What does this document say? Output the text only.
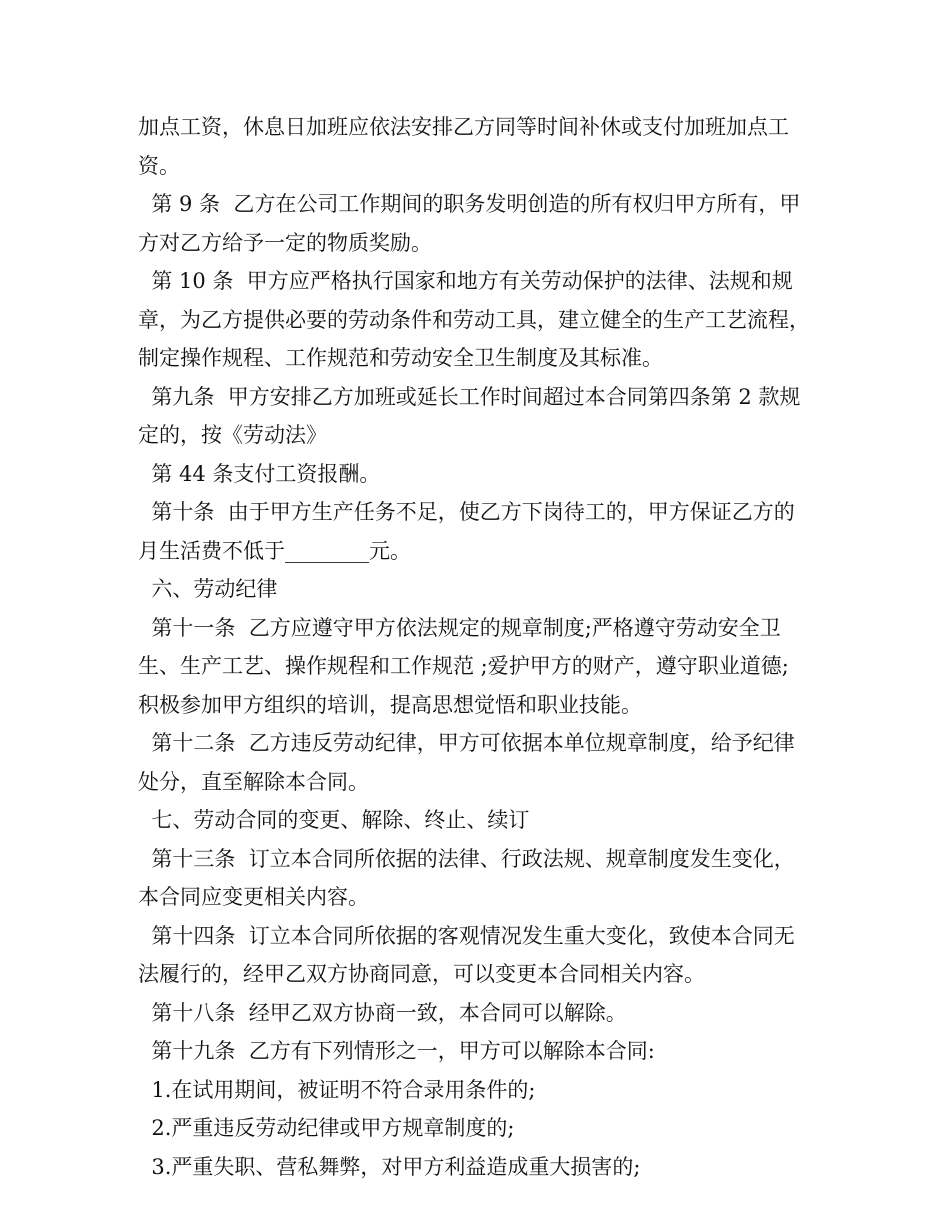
加点工资，休息日加班应依法安排乙方同等时间补休或支付加班加点工
资。
第 9 条  乙方在公司工作期间的职务发明创造的所有权归甲方所有，甲
方对乙方给予一定的物质奖励。
第 10 条  甲方应严格执行国家和地方有关劳动保护的法律、法规和规
章，为乙方提供必要的劳动条件和劳动工具，建立健全的生产工艺流程，
制定操作规程、工作规范和劳动安全卫生制度及其标准。
第九条  甲方安排乙方加班或延长工作时间超过本合同第四条第 2 款规
定的，按《劳动法》
第 44 条支付工资报酬。
第十条  由于甲方生产任务不足，使乙方下岗待工的，甲方保证乙方的
月生活费不低于________元。
六、劳动纪律
第十一条  乙方应遵守甲方依法规定的规章制度;严格遵守劳动安全卫
生、生产工艺、操作规程和工作规范 ;爱护甲方的财产，遵守职业道德;
积极参加甲方组织的培训，提高思想觉悟和职业技能。
第十二条  乙方违反劳动纪律，甲方可依据本单位规章制度，给予纪律
处分，直至解除本合同。
七、劳动合同的变更、解除、终止、续订
第十三条  订立本合同所依据的法律、行政法规、规章制度发生变化，
本合同应变更相关内容。
第十四条  订立本合同所依据的客观情况发生重大变化，致使本合同无
法履行的，经甲乙双方协商同意，可以变更本合同相关内容。
第十八条  经甲乙双方协商一致，本合同可以解除。
第十九条  乙方有下列情形之一，甲方可以解除本合同:
1.在试用期间，被证明不符合录用条件的;
2.严重违反劳动纪律或甲方规章制度的;
3.严重失职、营私舞弊，对甲方利益造成重大损害的;
